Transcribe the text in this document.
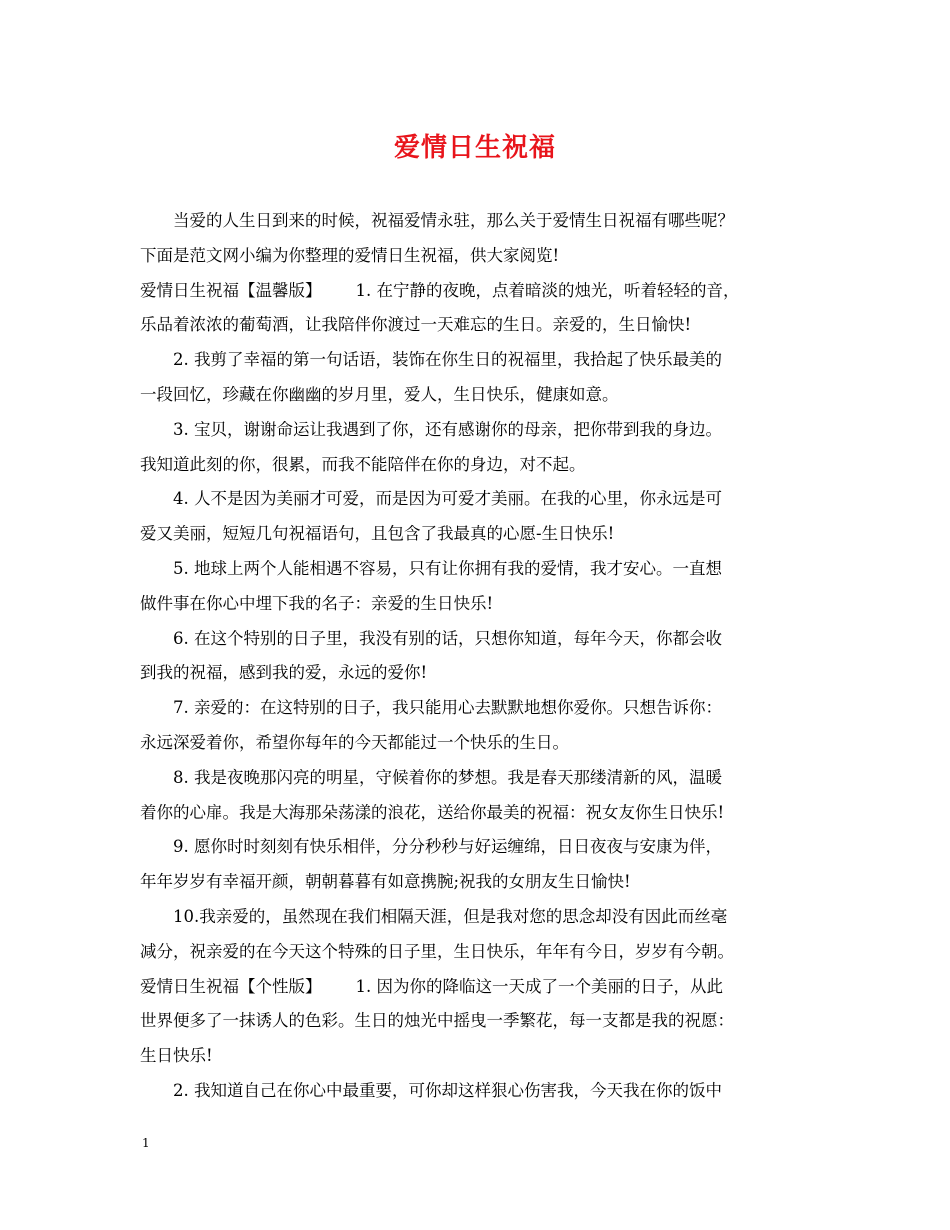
爱情日生祝福
当爱的人生日到来的时候，祝福爱情永驻，那么关于爱情生日祝福有哪些呢？
下面是范文网小编为你整理的爱情日生祝福，供大家阅览!
爱情日生祝福【温馨版】 1. 在宁静的夜晚，点着暗淡的烛光，听着轻轻的音，
乐品着浓浓的葡萄酒，让我陪伴你渡过一天难忘的生日。亲爱的，生日愉快!
2. 我剪了幸福的第一句话语，装饰在你生日的祝福里，我拾起了快乐最美的
一段回忆，珍藏在你幽幽的岁月里，爱人，生日快乐，健康如意。
3. 宝贝，谢谢命运让我遇到了你，还有感谢你的母亲，把你带到我的身边。
我知道此刻的你，很累，而我不能陪伴在你的身边，对不起。
4. 人不是因为美丽才可爱，而是因为可爱才美丽。在我的心里，你永远是可
爱又美丽，短短几句祝福语句，且包含了我最真的心愿-生日快乐!
5. 地球上两个人能相遇不容易，只有让你拥有我的爱情，我才安心。一直想
做件事在你心中埋下我的名子：亲爱的生日快乐!
6. 在这个特别的日子里，我没有别的话，只想你知道，每年今天，你都会收
到我的祝福，感到我的爱，永远的爱你!
7. 亲爱的：在这特别的日子，我只能用心去默默地想你爱你。只想告诉你：
永远深爱着你，希望你每年的今天都能过一个快乐的生日。
8. 我是夜晚那闪亮的明星，守候着你的梦想。我是春天那缕清新的风，温暖
着你的心扉。我是大海那朵荡漾的浪花，送给你最美的祝福：祝女友你生日快乐!
9. 愿你时时刻刻有快乐相伴，分分秒秒与好运缠绵，日日夜夜与安康为伴，
年年岁岁有幸福开颜，朝朝暮暮有如意携腕;祝我的女朋友生日愉快!
10.我亲爱的，虽然现在我们相隔天涯，但是我对您的思念却没有因此而丝毫
减分，祝亲爱的在今天这个特殊的日子里，生日快乐，年年有今日，岁岁有今朝。
爱情日生祝福【个性版】 1. 因为你的降临这一天成了一个美丽的日子，从此
世界便多了一抹诱人的色彩。生日的烛光中摇曳一季繁花，每一支都是我的祝愿：
生日快乐!
2. 我知道自己在你心中最重要，可你却这样狠心伤害我，今天我在你的饭中
1
